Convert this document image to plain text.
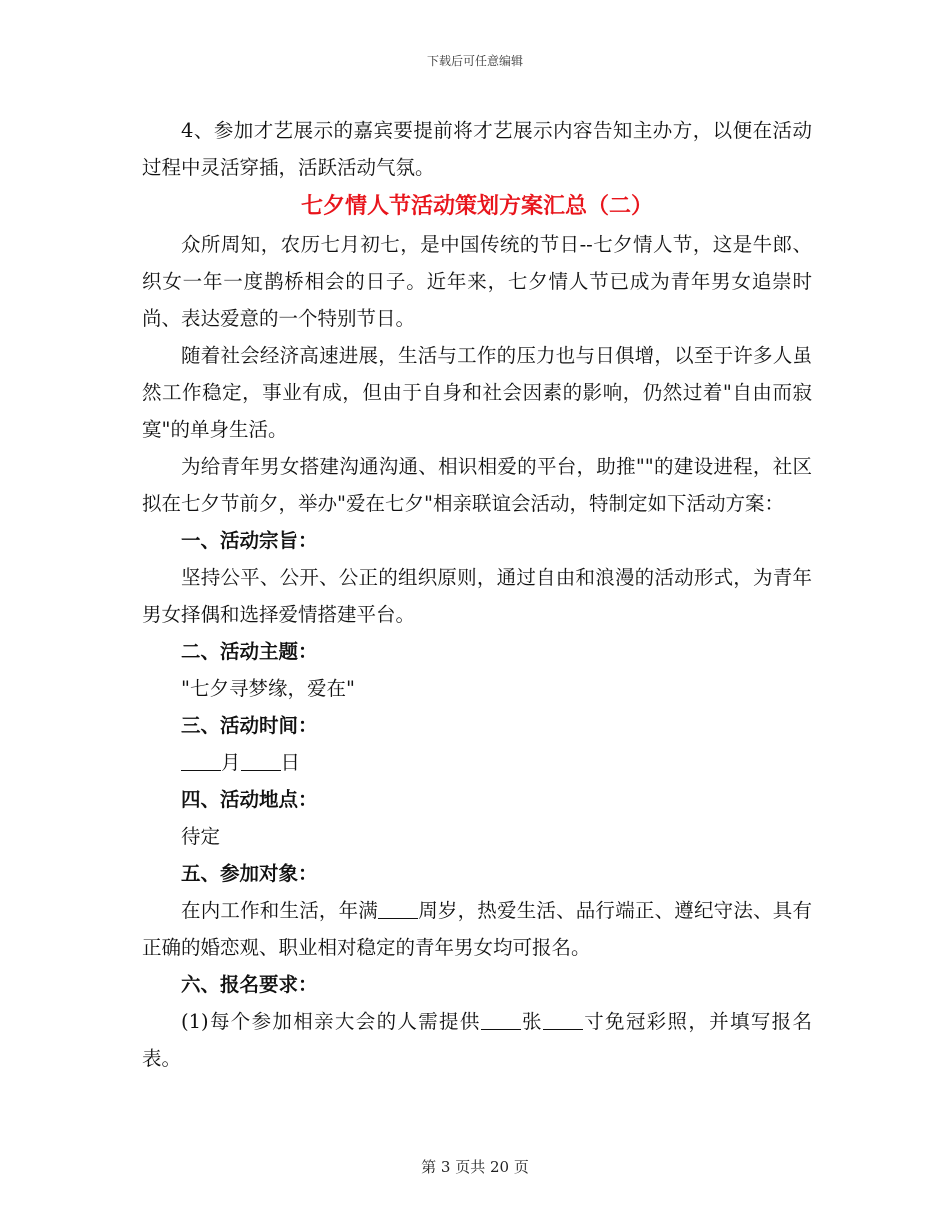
下载后可任意编辑

4、参加才艺展示的嘉宾要提前将才艺展示内容告知主办方，以便在活动过程中灵活穿插，活跃活动气氛。

七夕情人节活动策划方案汇总（二）

众所周知，农历七月初七，是中国传统的节日--七夕情人节，这是牛郎、织女一年一度鹊桥相会的日子。近年来，七夕情人节已成为青年男女追崇时尚、表达爱意的一个特别节日。

随着社会经济高速进展，生活与工作的压力也与日俱增，以至于许多人虽然工作稳定，事业有成，但由于自身和社会因素的影响，仍然过着"自由而寂寞"的单身生活。

为给青年男女搭建沟通沟通、相识相爱的平台，助推""的建设进程，社区拟在七夕节前夕，举办"爱在七夕"相亲联谊会活动，特制定如下活动方案：

一、活动宗旨：

坚持公平、公开、公正的组织原则，通过自由和浪漫的活动形式，为青年男女择偶和选择爱情搭建平台。

二、活动主题：

"七夕寻梦缘，爱在"

三、活动时间：

月 日

四、活动地点：

待定

五、参加对象：

在内工作和生活，年满 周岁，热爱生活、品行端正、遵纪守法、具有正确的婚恋观、职业相对稳定的青年男女均可报名。

六、报名要求：

(1)每个参加相亲大会的人需提供 张 寸免冠彩照，并填写报名表。

第 3 页共 20 页
